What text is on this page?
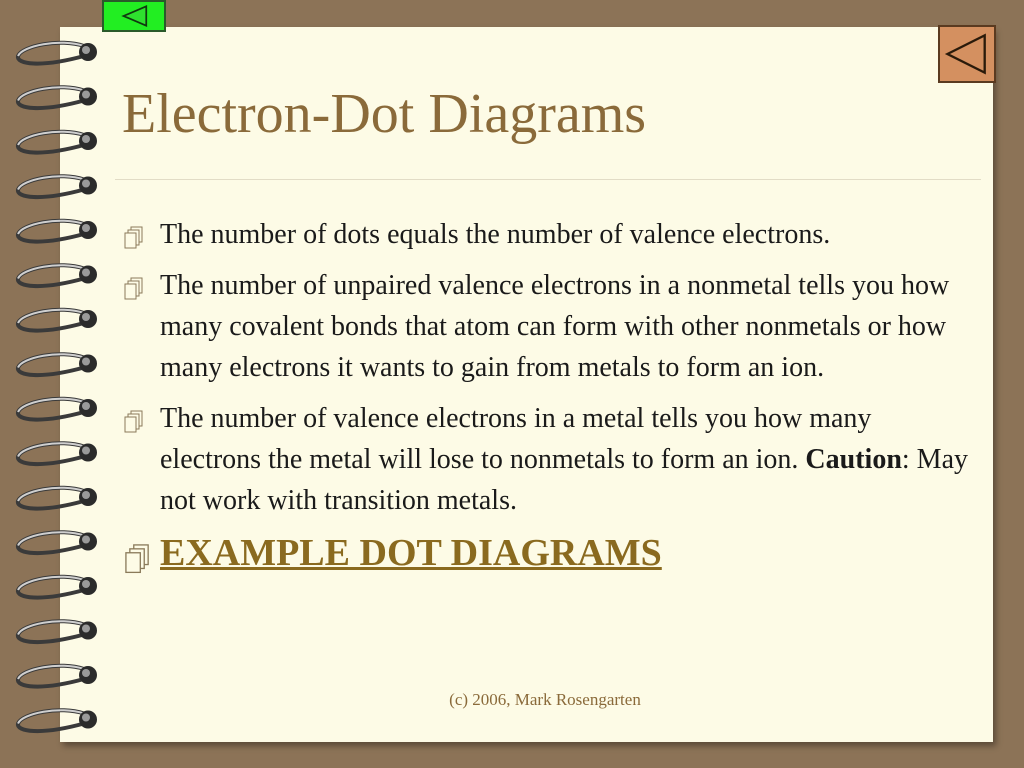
Electron-Dot Diagrams
The number of dots equals the number of valence electrons.
The number of unpaired valence electrons in a nonmetal tells you how many covalent bonds that atom can form with other nonmetals or how many electrons it wants to gain from metals to form an ion.
The number of valence electrons in a metal tells you how many electrons the metal will lose to nonmetals to form an ion. Caution: May not work with transition metals.
EXAMPLE DOT DIAGRAMS
(c) 2006, Mark Rosengarten
